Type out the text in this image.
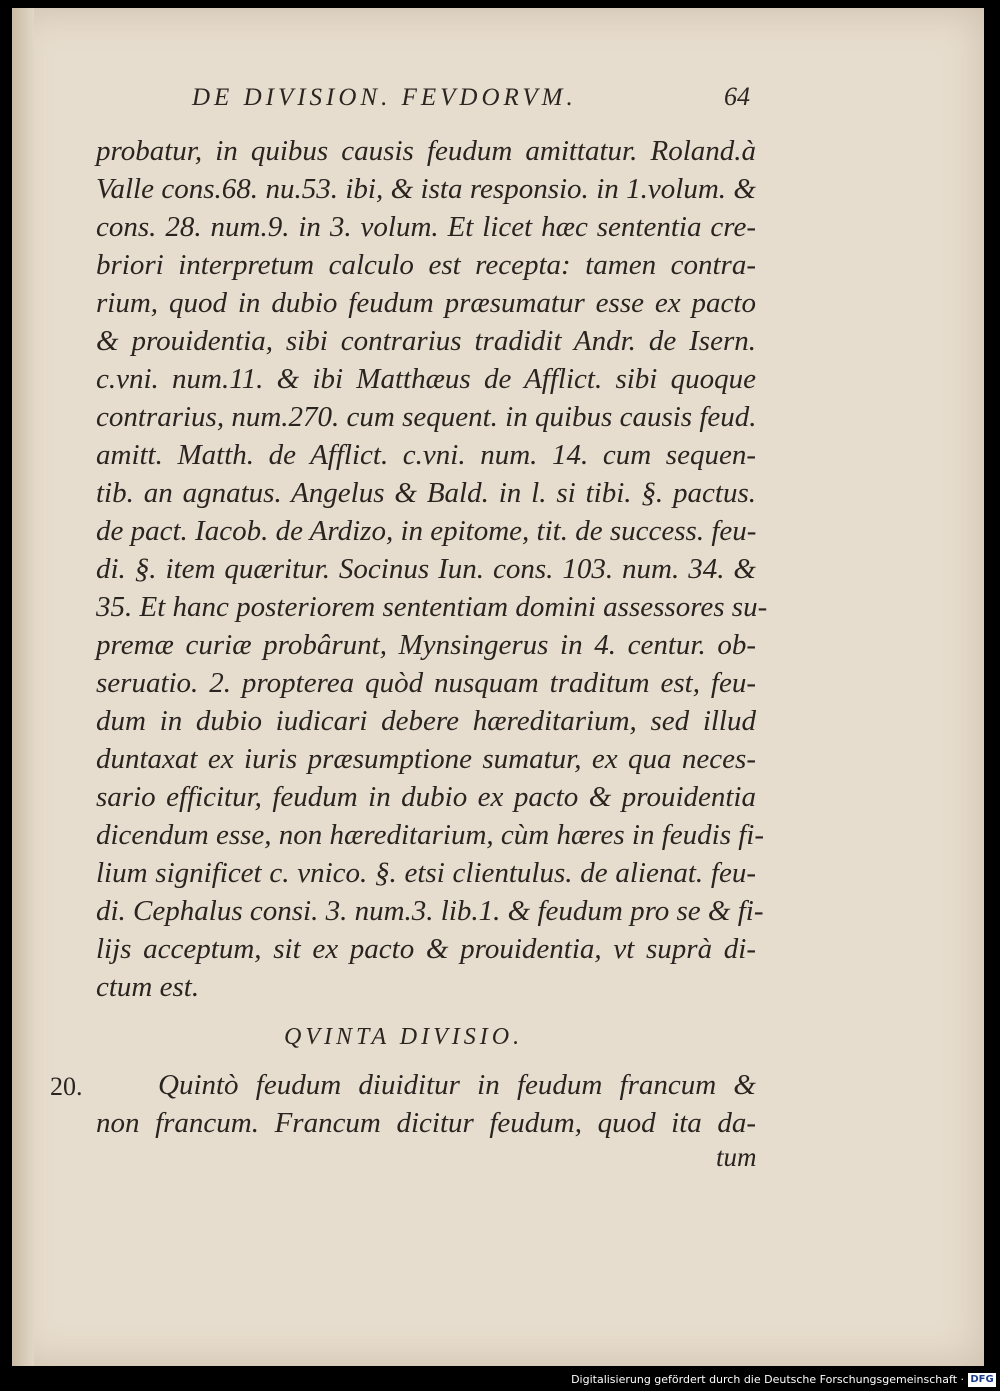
DE DIVISION. FEVDORVM.	64
probatur, in quibus causis feudum amittatur. Roland.à
Valle cons.68. nu.53. ibi, & ista responsio. in 1.volum. &
cons. 28. num.9. in 3. volum. Et licet hæc sententia cre-
briori interpretum calculo est recepta: tamen contra-
rium, quod in dubio feudum præsumatur esse ex pacto
& prouidentia, sibi contrarius tradidit Andr. de Isern.
c.vni. num.11. & ibi Matthæus de Afflict. sibi quoque
contrarius, num.270. cum sequent. in quibus causis feud.
amitt. Matth. de Afflict. c.vni. num. 14. cum sequen-
tib. an agnatus. Angelus & Bald. in l. si tibi. §. pactus.
de pact. Iacob. de Ardizo, in epitome, tit. de success. feu-
di. §. item quæritur. Socinus Iun. cons. 103. num. 34. &
35. Et hanc posteriorem sententiam domini assessores su-
premæ curiæ probârunt, Mynsingerus in 4. centur. ob-
seruatio. 2. propterea quòd nusquam traditum est, feu-
dum in dubio iudicari debere hæreditarium, sed illud
duntaxat ex iuris præsumptione sumatur, ex qua neces-
sario efficitur, feudum in dubio ex pacto & prouidentia
dicendum esse, non hæreditarium, cùm hæres in feudis fi-
lium significet c. vnico. §. etsi clientulus. de alienat. feu-
di. Cephalus consi. 3. num.3. lib.1. & feudum pro se & fi-
lijs acceptum, sit ex pacto & prouidentia, vt suprà di-
ctum est.
QVINTA DIVISIO.
20.	Quintò feudum diuiditur in feudum francum &
non francum. Francum dicitur feudum, quod ita da-
tum
Digitalisierung gefördert durch die Deutsche Forschungsgemeinschaft · DFG
